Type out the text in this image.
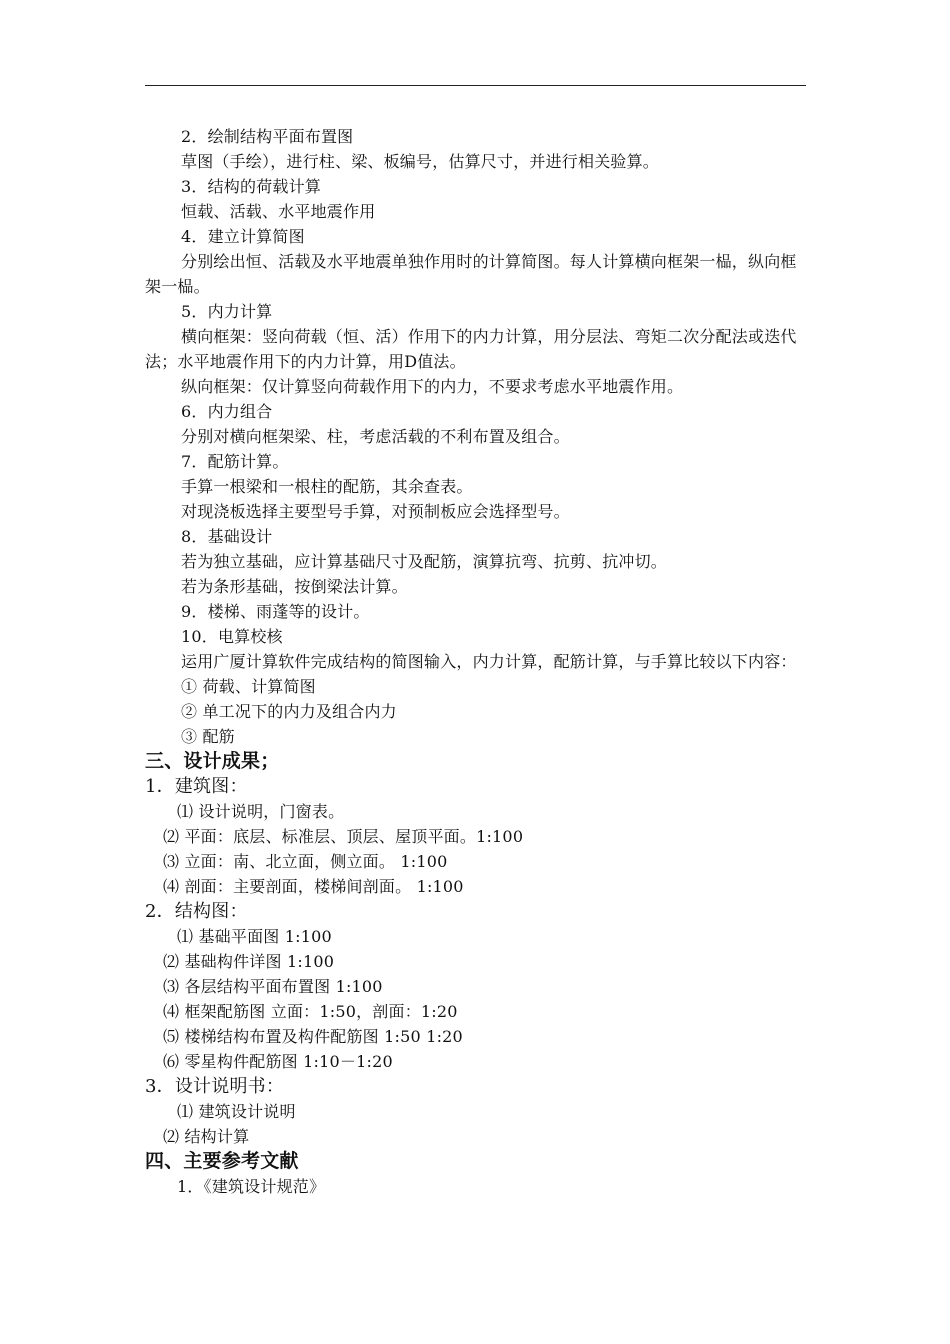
2．绘制结构平面布置图

草图（手绘），进行柱、梁、板编号，估算尺寸，并进行相关验算。

3．结构的荷载计算

恒载、活载、水平地震作用

4．建立计算简图

分别绘出恒、活载及水平地震单独作用时的计算简图。每人计算横向框架一榀，纵向框架一榀。

5．内力计算

横向框架：竖向荷载（恒、活）作用下的内力计算，用分层法、弯矩二次分配法或迭代法；水平地震作用下的内力计算，用D值法。

纵向框架：仅计算竖向荷载作用下的内力，不要求考虑水平地震作用。

6．内力组合

分别对横向框架梁、柱，考虑活载的不利布置及组合。

7．配筋计算。

手算一根梁和一根柱的配筋，其余查表。

对现浇板选择主要型号手算，对预制板应会选择型号。

8．基础设计

若为独立基础，应计算基础尺寸及配筋，演算抗弯、抗剪、抗冲切。

若为条形基础，按倒梁法计算。

9．楼梯、雨蓬等的设计。

10．电算校核

运用广厦计算软件完成结构的简图输入，内力计算，配筋计算，与手算比较以下内容：

① 荷载、计算简图

② 单工况下的内力及组合内力

③ 配筋

三、设计成果；

1．建筑图：

⑴ 设计说明，门窗表。

⑵ 平面：底层、标准层、顶层、屋顶平面。1:100

⑶ 立面：南、北立面，侧立面。 1:100

⑷ 剖面：主要剖面，楼梯间剖面。 1:100

2．结构图：

⑴ 基础平面图 1:100

⑵ 基础构件详图 1:100

⑶ 各层结构平面布置图 1:100

⑷ 框架配筋图 立面：1:50，剖面：1:20

⑸ 楼梯结构布置及构件配筋图 1:50 1:20

⑹ 零星构件配筋图 1:10－1:20

3．设计说明书：

⑴ 建筑设计说明

⑵ 结构计算

四、主要参考文献

1．《建筑设计规范》
